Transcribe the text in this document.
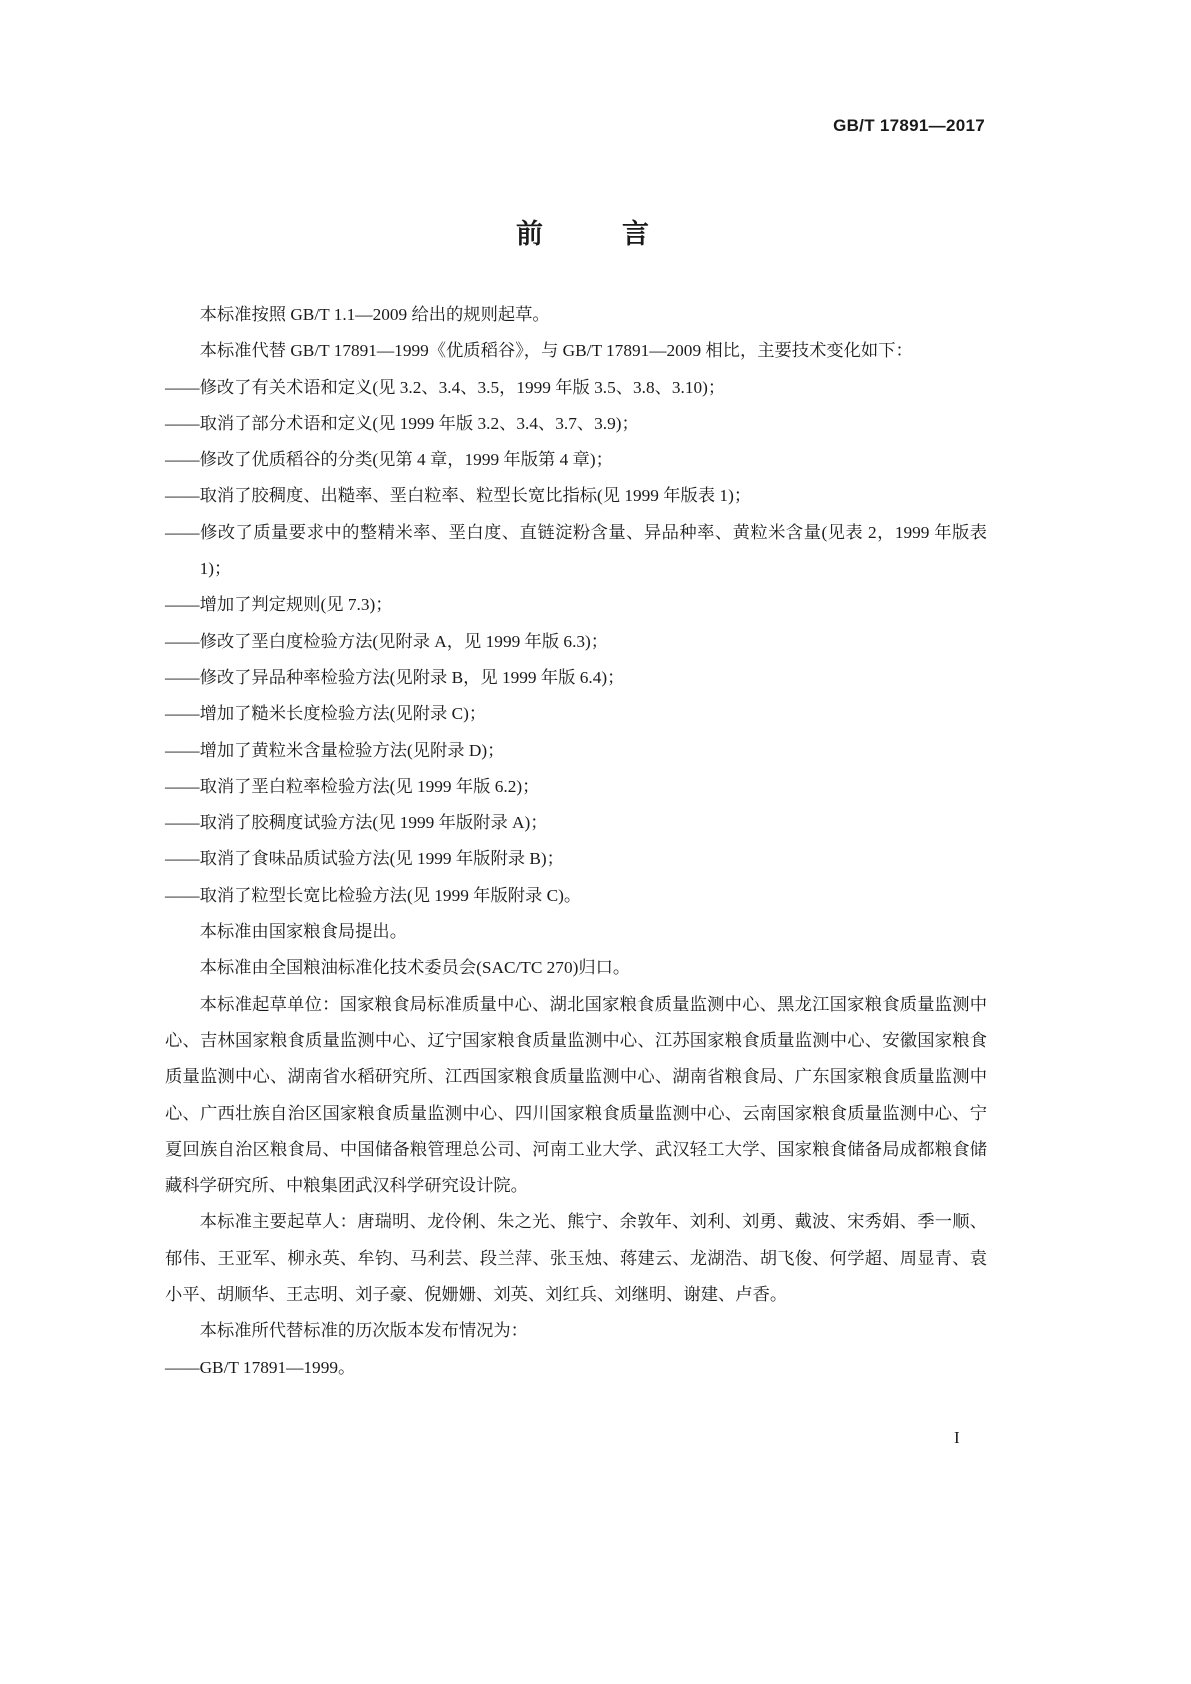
GB/T 17891—2017
前　言

本标准按照 GB/T 1.1—2009 给出的规则起草。

本标准代替 GB/T 17891—1999《优质稻谷》，与 GB/T 17891—2009 相比，主要技术变化如下：

——修改了有关术语和定义(见 3.2、3.4、3.5，1999 年版 3.5、3.8、3.10)；

——取消了部分术语和定义(见 1999 年版 3.2、3.4、3.7、3.9)；

——修改了优质稻谷的分类(见第 4 章，1999 年版第 4 章)；

——取消了胶稠度、出糙率、垩白粒率、粒型长宽比指标(见 1999 年版表 1)；

——修改了质量要求中的整精米率、垩白度、直链淀粉含量、异品种率、黄粒米含量(见表 2，1999 年版表 1)；

——增加了判定规则(见 7.3)；

——修改了垩白度检验方法(见附录 A，见 1999 年版 6.3)；

——修改了异品种率检验方法(见附录 B，见 1999 年版 6.4)；

——增加了糙米长度检验方法(见附录 C)；

——增加了黄粒米含量检验方法(见附录 D)；

——取消了垩白粒率检验方法(见 1999 年版 6.2)；

——取消了胶稠度试验方法(见 1999 年版附录 A)；

——取消了食味品质试验方法(见 1999 年版附录 B)；

——取消了粒型长宽比检验方法(见 1999 年版附录 C)。

本标准由国家粮食局提出。

本标准由全国粮油标准化技术委员会(SAC/TC 270)归口。

本标准起草单位：国家粮食局标准质量中心、湖北国家粮食质量监测中心、黑龙江国家粮食质量监测中心、吉林国家粮食质量监测中心、辽宁国家粮食质量监测中心、江苏国家粮食质量监测中心、安徽国家粮食质量监测中心、湖南省水稻研究所、江西国家粮食质量监测中心、湖南省粮食局、广东国家粮食质量监测中心、广西壮族自治区国家粮食质量监测中心、四川国家粮食质量监测中心、云南国家粮食质量监测中心、宁夏回族自治区粮食局、中国储备粮管理总公司、河南工业大学、武汉轻工大学、国家粮食储备局成都粮食储藏科学研究所、中粮集团武汉科学研究设计院。

本标准主要起草人：唐瑞明、龙伶俐、朱之光、熊宁、余敦年、刘利、刘勇、戴波、宋秀娟、季一顺、郁伟、王亚军、柳永英、牟钧、马利芸、段兰萍、张玉烛、蒋建云、龙湖浩、胡飞俊、何学超、周显青、袁小平、胡顺华、王志明、刘子豪、倪姗姗、刘英、刘红兵、刘继明、谢建、卢香。

本标准所代替标准的历次版本发布情况为：

——GB/T 17891—1999。

I
